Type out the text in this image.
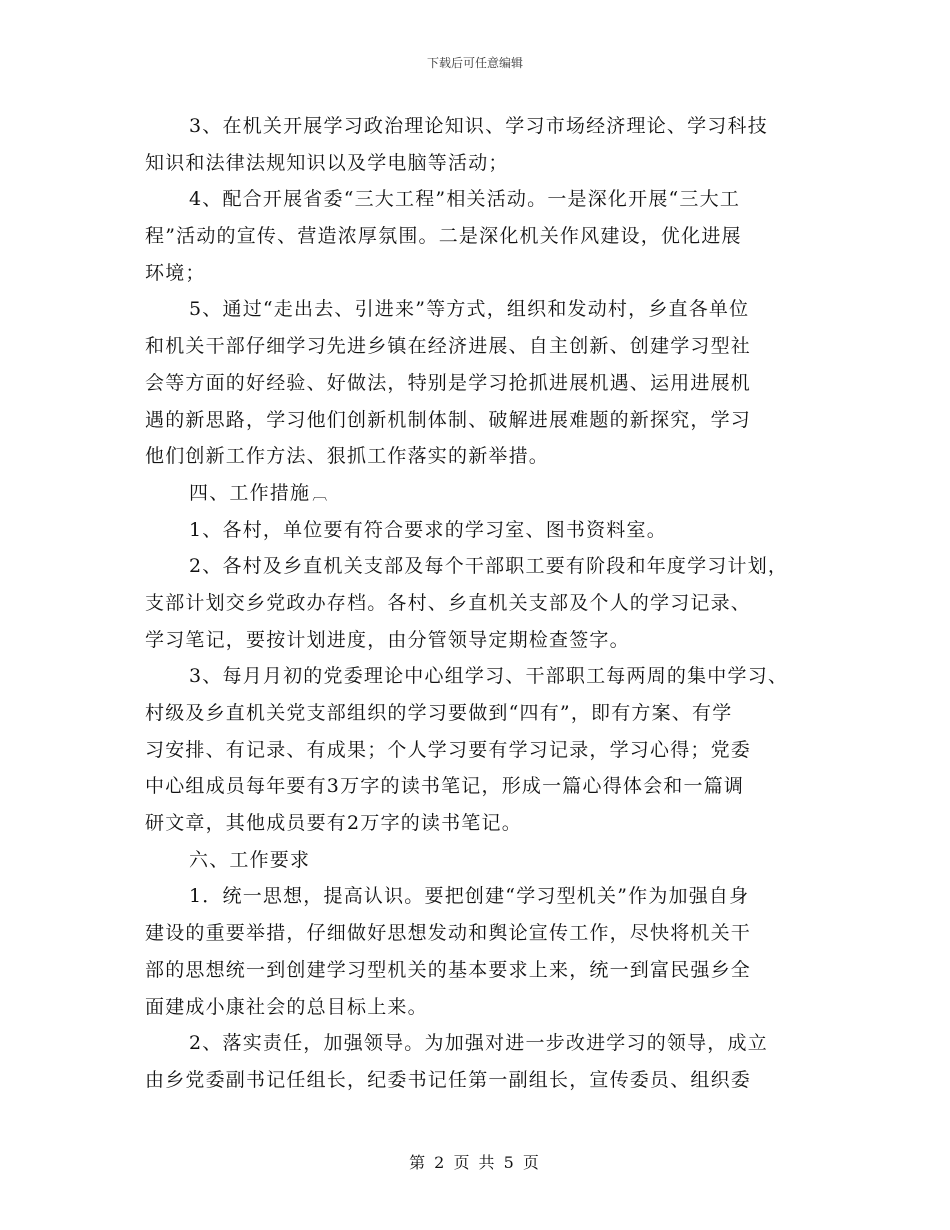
下载后可任意编辑
3、在机关开展学习政治理论知识、学习市场经济理论、学习科技
知识和法律法规知识以及学电脑等活动；
4、配合开展省委“三大工程”相关活动。一是深化开展“三大工
程”活动的宣传、营造浓厚氛围。二是深化机关作风建设，优化进展
环境；
5、通过“走出去、引进来”等方式，组织和发动村，乡直各单位
和机关干部仔细学习先进乡镇在经济进展、自主创新、创建学习型社
会等方面的好经验、好做法，特别是学习抢抓进展机遇、运用进展机
遇的新思路，学习他们创新机制体制、破解进展难题的新探究，学习
他们创新工作方法、狠抓工作落实的新举措。
四、工作措施 ︹
1、各村，单位要有符合要求的学习室、图书资料室。
2、各村及乡直机关支部及每个干部职工要有阶段和年度学习计划，
支部计划交乡党政办存档。各村、乡直机关支部及个人的学习记录、
学习笔记，要按计划进度，由分管领导定期检查签字。
3、每月月初的党委理论中心组学习、干部职工每两周的集中学习、
村级及乡直机关党支部组织的学习要做到“四有”，即有方案、有学
习安排、有记录、有成果；个人学习要有学习记录，学习心得；党委
中心组成员每年要有3万字的读书笔记，形成一篇心得体会和一篇调
研文章，其他成员要有2万字的读书笔记。
六、工作要求
1．统一思想，提高认识。要把创建“学习型机关”作为加强自身
建设的重要举措，仔细做好思想发动和舆论宣传工作，尽快将机关干
部的思想统一到创建学习型机关的基本要求上来，统一到富民强乡全
面建成小康社会的总目标上来。
2、落实责任，加强领导。为加强对进一步改进学习的领导，成立
由乡党委副书记任组长，纪委书记任第一副组长，宣传委员、组织委
第 2 页 共 5 页
